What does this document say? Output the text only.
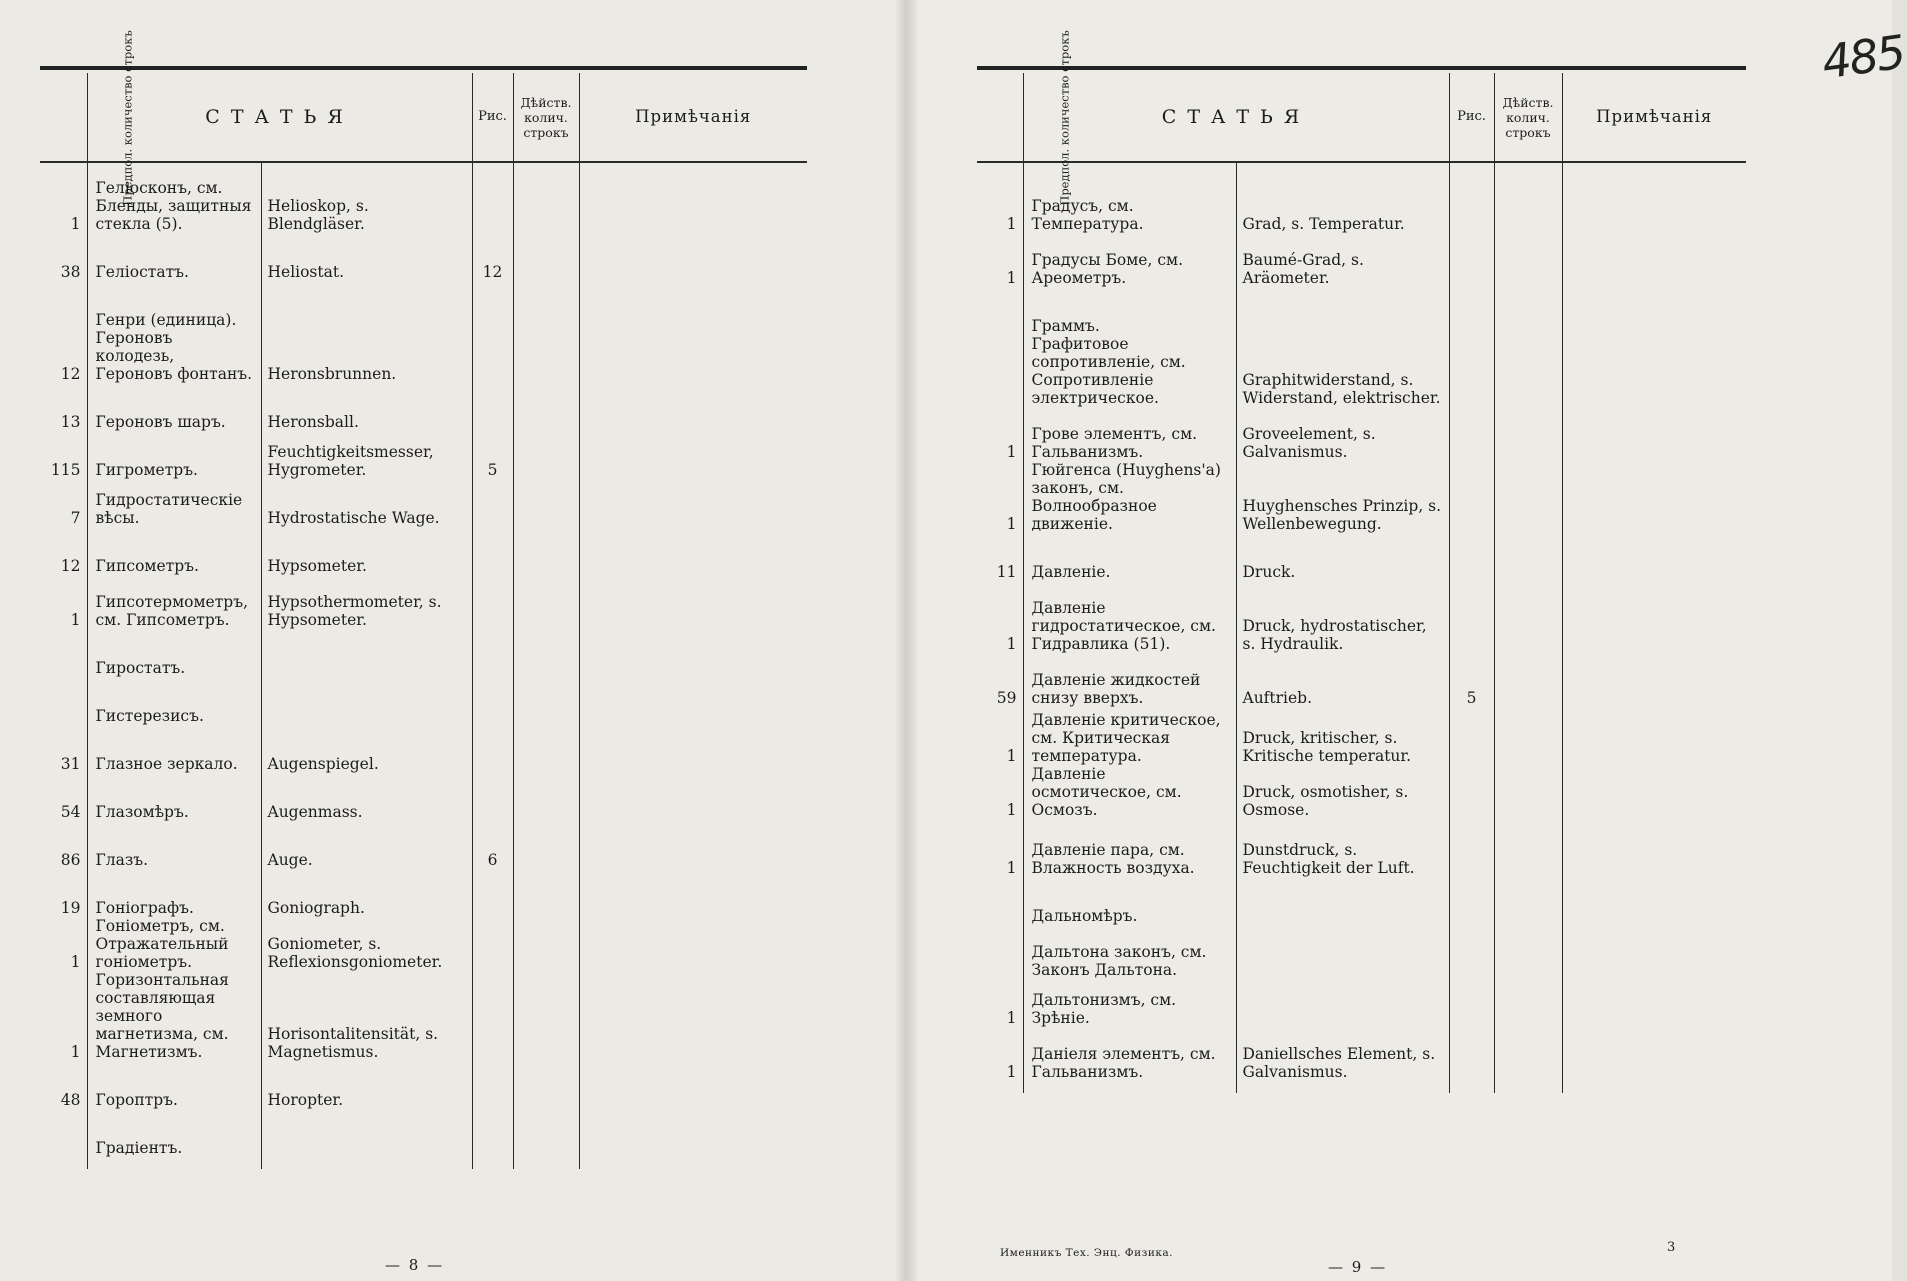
Предпол. количество строкъ	СТАТЬЯ		Рис.	Дѣйств. колич. строкъ	Примѣчанія

1	Геліосконъ, см. Бленды, защитныя стекла (5).	Helioskop, s. Blendgläser.			

38	Геліостатъ.	Heliostat.	12		

	Генри (единица).				

12	Героновъ колодезь, Героновъ фонтанъ.	Heronsbrunnen.			

13	Героновъ шаръ.	Heronsball.			

115	Гигрометръ.	Feuchtigkeitsmesser, Hygrometer.	5		
7	Гидростатическіе вѣсы.	Hydrostatische Wage.			

12	Гипсометръ.	Hypsometer.			

1	Гипсотермометръ, см. Гипсометръ.	Hypsothermometer, s. Hypsometer.			

	Гиростатъ.				

	Гистерезисъ.				

31	Глазное зеркало.	Augenspiegel.			

54	Глазомѣръ.	Augenmass.			

86	Глазъ.	Auge.	6		
19	Гоніографъ.	Goniograph.			

1	Гоніометръ, см. Отражательный гоніометръ.	Goniometer, s. Reflexionsgoniometer.			

1	Горизонтальная составляющая земного магнетизма, см. Магнетизмъ.	Horisontalitensität, s. Magnetismus.			

48	Гороптръ.	Horopter.			

	Градіентъ.				

Предпол. количество строкъ	СТАТЬЯ		Рис.	Дѣйств. колич. строкъ	Примѣчанія

1	Градусъ, см. Температура.	Grad, s. Temperatur.			

1	Градусы Боме, см. Ареометръ.	Baumé-Grad, s. Aräometer.			

	Граммъ.				

	Графитовое сопротивленіе, см. Сопротивленіе электрическое.	Graphitwiderstand, s. Widerstand, elektrischer.			

1	Грове элементъ, см. Гальванизмъ.	Groveelement, s. Galvanismus.			

1	Гюйгенса (Huyghens'a) законъ, см. Волнообразное движеніе.	Huyghensches Prinzip, s. Wellenbewegung.			

11	Давленіе.	Druck.			

1	Давленіе гидростатическое, см. Гидравлика (51).	Druck, hydrostatischer, s. Hydraulik.			

59	Давленіе жидкостей снизу вверхъ.	Auftrieb.	5		
1	Давленіе критическое, см. Критическая температура.	Druck, kritischer, s. Kritische temperatur.			

1	Давленіе осмотическое, см. Осмозъ.	Druck, osmotisher, s. Osmose.			

1	Давленіе пара, см. Влажность воздуха.	Dunstdruck, s. Feuchtigkeit der Luft.			

	Дальномѣръ.				

	Дальтона законъ, см. Законъ Дальтона.				

1	Дальтонизмъ, см. Зрѣніе.				

1	Даніеля элементъ, см. Гальванизмъ.	Daniellsches Element, s. Galvanismus.			

— 8 —	— 9 —
Именникъ Тех. Энц. Физика.	3
485
